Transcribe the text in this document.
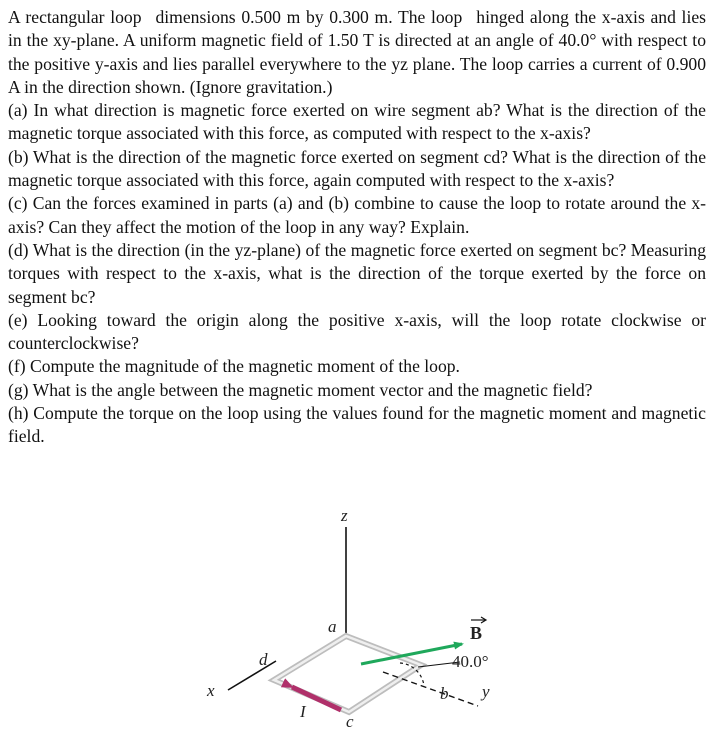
A rectangular loop dimensions 0.500 m by 0.300 m. The loop hinged along the x-axis and lies in the xy-plane. A uniform magnetic field of 1.50 T is directed at an angle of 40.0° with respect to the positive y-axis and lies parallel everywhere to the yz plane. The loop carries a current of 0.900 A in the direction shown. (Ignore gravitation.)

(a) In what direction is magnetic force exerted on wire segment ab? What is the direction of the magnetic torque associated with this force, as computed with respect to the x-axis?

(b) What is the direction of the magnetic force exerted on segment cd? What is the direction of the magnetic torque associated with this force, again computed with respect to the x-axis?

(c) Can the forces examined in parts (a) and (b) combine to cause the loop to rotate around the x-axis? Can they affect the motion of the loop in any way? Explain.

(d) What is the direction (in the yz-plane) of the magnetic force exerted on segment bc? Measuring torques with respect to the x-axis, what is the direction of the torque exerted by the force on segment bc?

(e) Looking toward the origin along the positive x-axis, will the loop rotate clockwise or counterclockwise?

(f) Compute the magnitude of the magnetic moment of the loop.

(g) What is the angle between the magnetic moment vector and the magnetic field?

(h) Compute the torque on the loop using the values found for the magnetic moment and magnetic field.

z
x	y
40.0°
B
I
a
d
b
c
